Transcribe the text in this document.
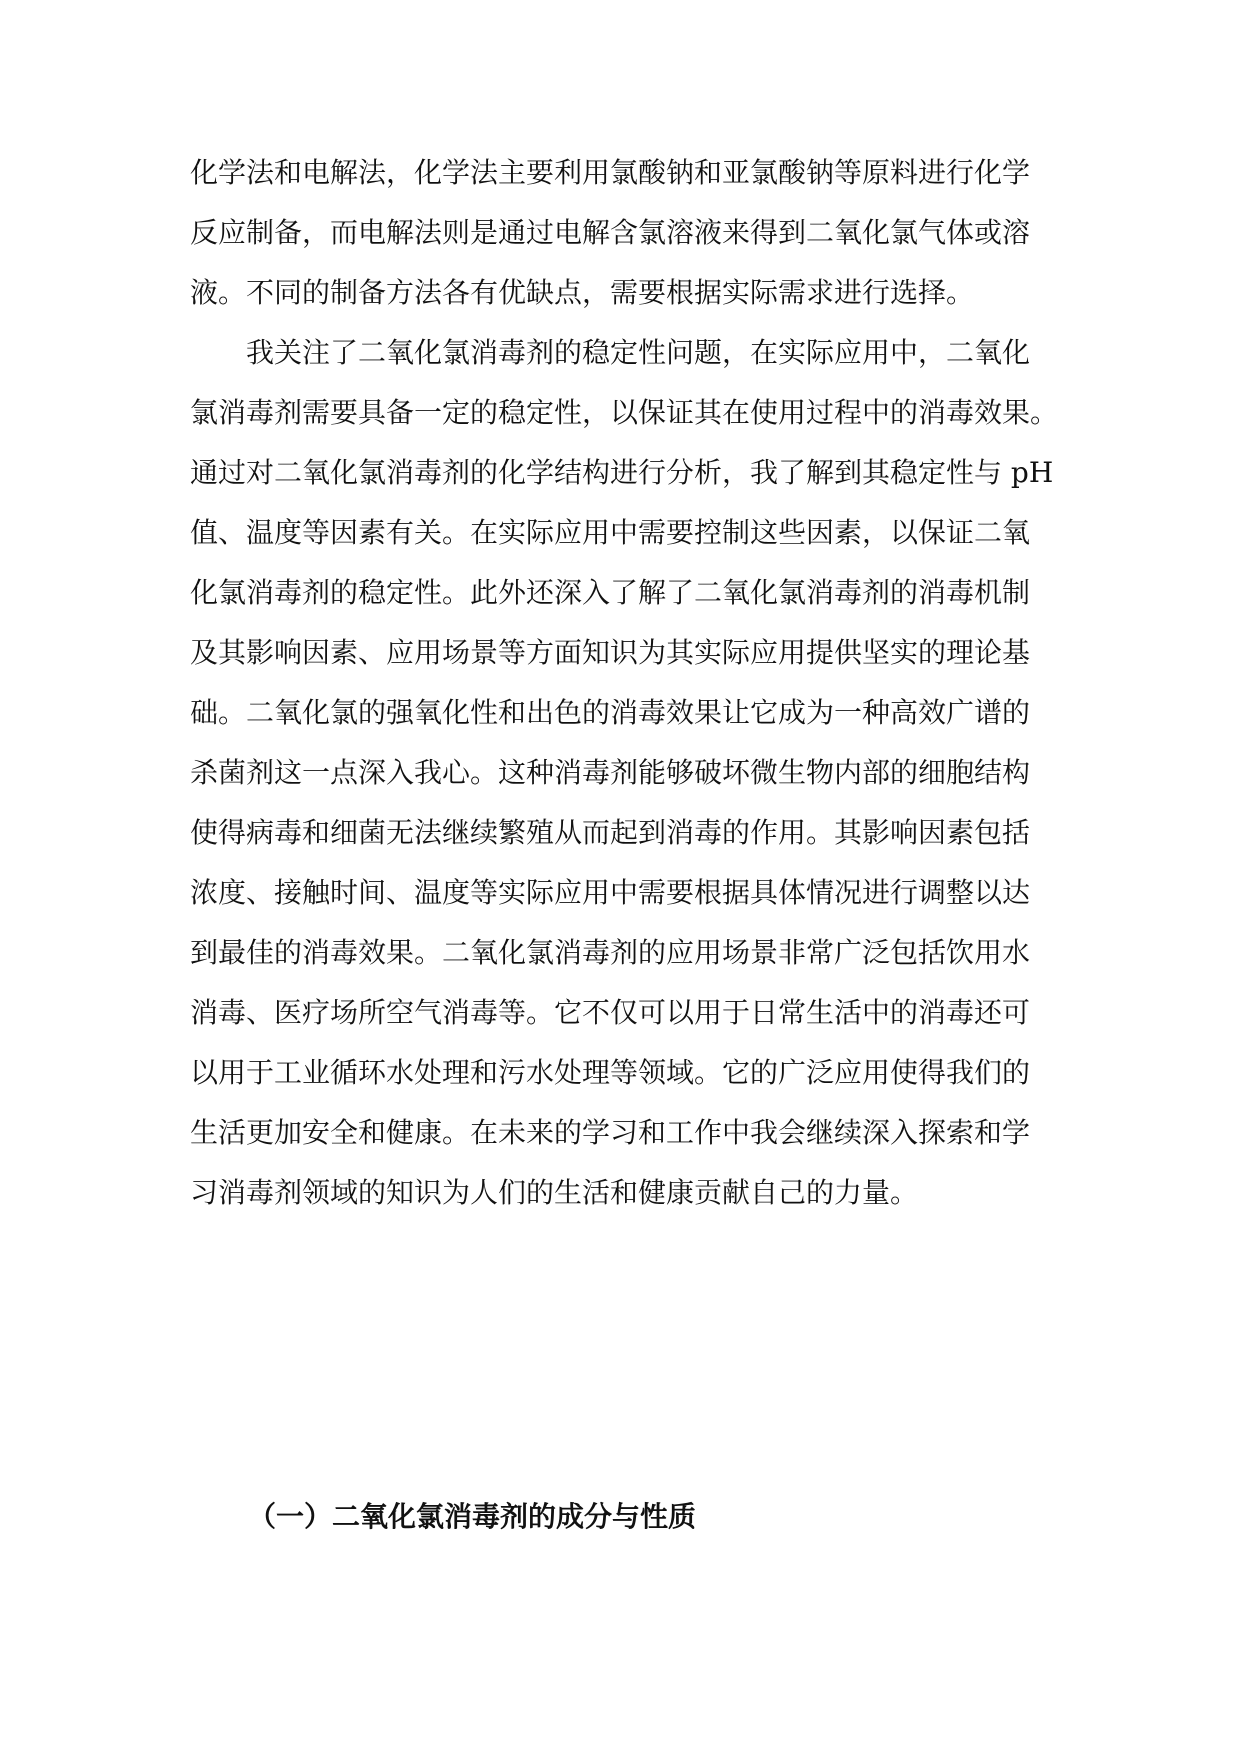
化学法和电解法，化学法主要利用氯酸钠和亚氯酸钠等原料进行化学
反应制备，而电解法则是通过电解含氯溶液来得到二氧化氯气体或溶
液。不同的制备方法各有优缺点，需要根据实际需求进行选择。
我关注了二氧化氯消毒剂的稳定性问题，在实际应用中，二氧化
氯消毒剂需要具备一定的稳定性，以保证其在使用过程中的消毒效果。
通过对二氧化氯消毒剂的化学结构进行分析，我了解到其稳定性与 pH
值、温度等因素有关。在实际应用中需要控制这些因素，以保证二氧
化氯消毒剂的稳定性。此外还深入了解了二氧化氯消毒剂的消毒机制
及其影响因素、应用场景等方面知识为其实际应用提供坚实的理论基
础。二氧化氯的强氧化性和出色的消毒效果让它成为一种高效广谱的
杀菌剂这一点深入我心。这种消毒剂能够破坏微生物内部的细胞结构
使得病毒和细菌无法继续繁殖从而起到消毒的作用。其影响因素包括
浓度、接触时间、温度等实际应用中需要根据具体情况进行调整以达
到最佳的消毒效果。二氧化氯消毒剂的应用场景非常广泛包括饮用水
消毒、医疗场所空气消毒等。它不仅可以用于日常生活中的消毒还可
以用于工业循环水处理和污水处理等领域。它的广泛应用使得我们的
生活更加安全和健康。在未来的学习和工作中我会继续深入探索和学
习消毒剂领域的知识为人们的生活和健康贡献自己的力量。
（一）二氧化氯消毒剂的成分与性质
